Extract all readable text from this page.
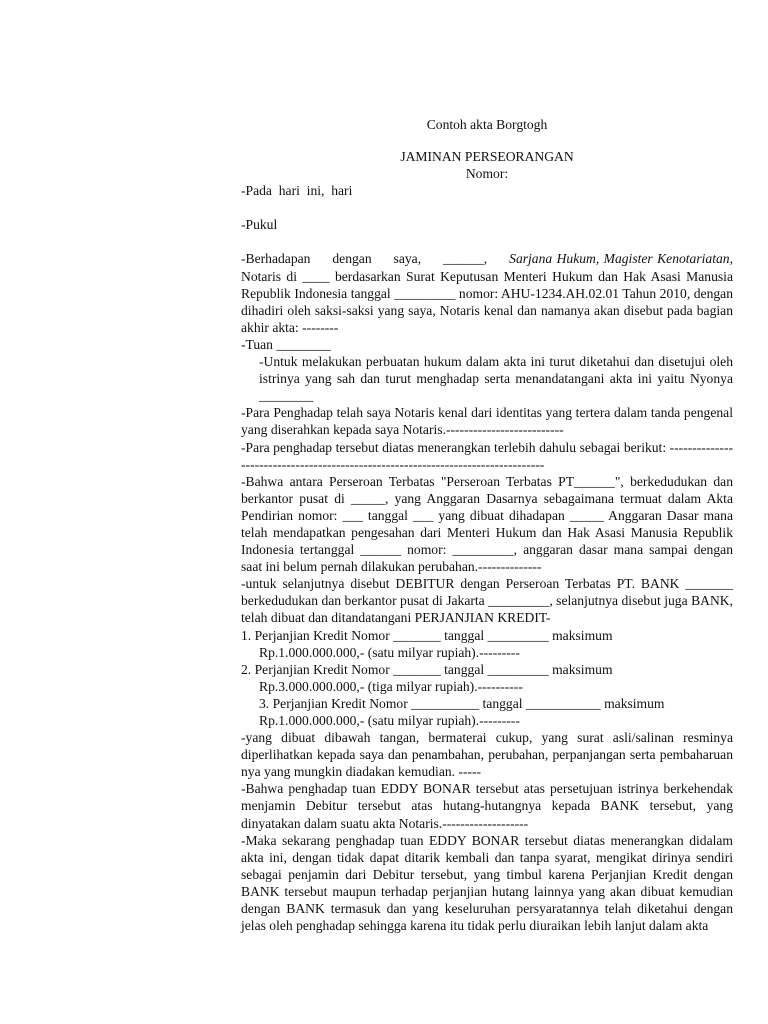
Contoh akta Borgtogh
JAMINAN PERSEORANGAN
Nomor:
-Pada  hari  ini,  hari
-Pukul
-Berhadapan     dengan     saya,     ______,     Sarjana Hukum, Magister Kenotariatan, Notaris di ____ berdasarkan Surat Keputusan Menteri Hukum dan Hak Asasi Manusia Republik Indonesia tanggal _________ nomor: AHU-1234.AH.02.01 Tahun 2010, dengan dihadiri oleh saksi-saksi yang saya, Notaris kenal dan namanya akan disebut pada bagian akhir akta: --------
-Tuan ________
-Untuk melakukan perbuatan hukum dalam akta ini turut diketahui dan disetujui oleh istrinya yang sah dan turut menghadap serta menandatangani akta ini yaitu Nyonya ________
-Para Penghadap telah saya Notaris kenal dari identitas yang tertera dalam tanda pengenal yang diserahkan kepada saya Notaris.--------------------------
-Para penghadap tersebut diatas menerangkan terlebih dahulu sebagai berikut: ---------------------------------------------------------------------------------
-Bahwa antara Perseroan Terbatas "Perseroan Terbatas PT______", berkedudukan dan berkantor pusat di _____, yang Anggaran Dasarnya sebagaimana termuat dalam Akta Pendirian nomor: ___ tanggal ___ yang dibuat dihadapan _____ Anggaran Dasar mana telah mendapatkan pengesahan dari Menteri Hukum dan Hak Asasi Manusia Republik Indonesia tertanggal ______ nomor: _________, anggaran dasar mana sampai dengan saat ini belum pernah dilakukan perubahan.--------------
-untuk selanjutnya disebut DEBITUR dengan Perseroan Terbatas PT. BANK _______ berkedudukan dan berkantor pusat di Jakarta _________, selanjutnya disebut juga BANK, telah dibuat dan ditandatangani PERJANJIAN KREDIT-
1. Perjanjian Kredit Nomor _______ tanggal _________ maksimum
Rp.1.000.000.000,- (satu milyar rupiah).---------
2. Perjanjian Kredit Nomor _______ tanggal _________ maksimum
Rp.3.000.000.000,- (tiga milyar rupiah).----------
3. Perjanjian Kredit Nomor __________ tanggal ___________ maksimum
Rp.1.000.000.000,- (satu milyar rupiah).---------
-yang dibuat dibawah tangan, bermaterai cukup, yang surat asli/salinan resminya diperlihatkan kepada saya dan penambahan, perubahan, perpanjangan serta pembaharuan nya yang mungkin diadakan kemudian. -----
-Bahwa penghadap tuan EDDY BONAR tersebut atas persetujuan istrinya berkehendak menjamin Debitur tersebut atas hutang-hutangnya kepada BANK tersebut, yang dinyatakan dalam suatu akta Notaris.-------------------
-Maka sekarang penghadap tuan EDDY BONAR tersebut diatas menerangkan didalam akta ini, dengan tidak dapat ditarik kembali dan tanpa syarat, mengikat dirinya sendiri sebagai penjamin dari Debitur tersebut, yang timbul karena Perjanjian Kredit dengan BANK tersebut maupun terhadap perjanjian hutang lainnya yang akan dibuat kemudian dengan BANK termasuk dan yang keseluruhan persyaratannya telah diketahui dengan jelas oleh penghadap sehingga karena itu tidak perlu diuraikan lebih lanjut dalam akta
